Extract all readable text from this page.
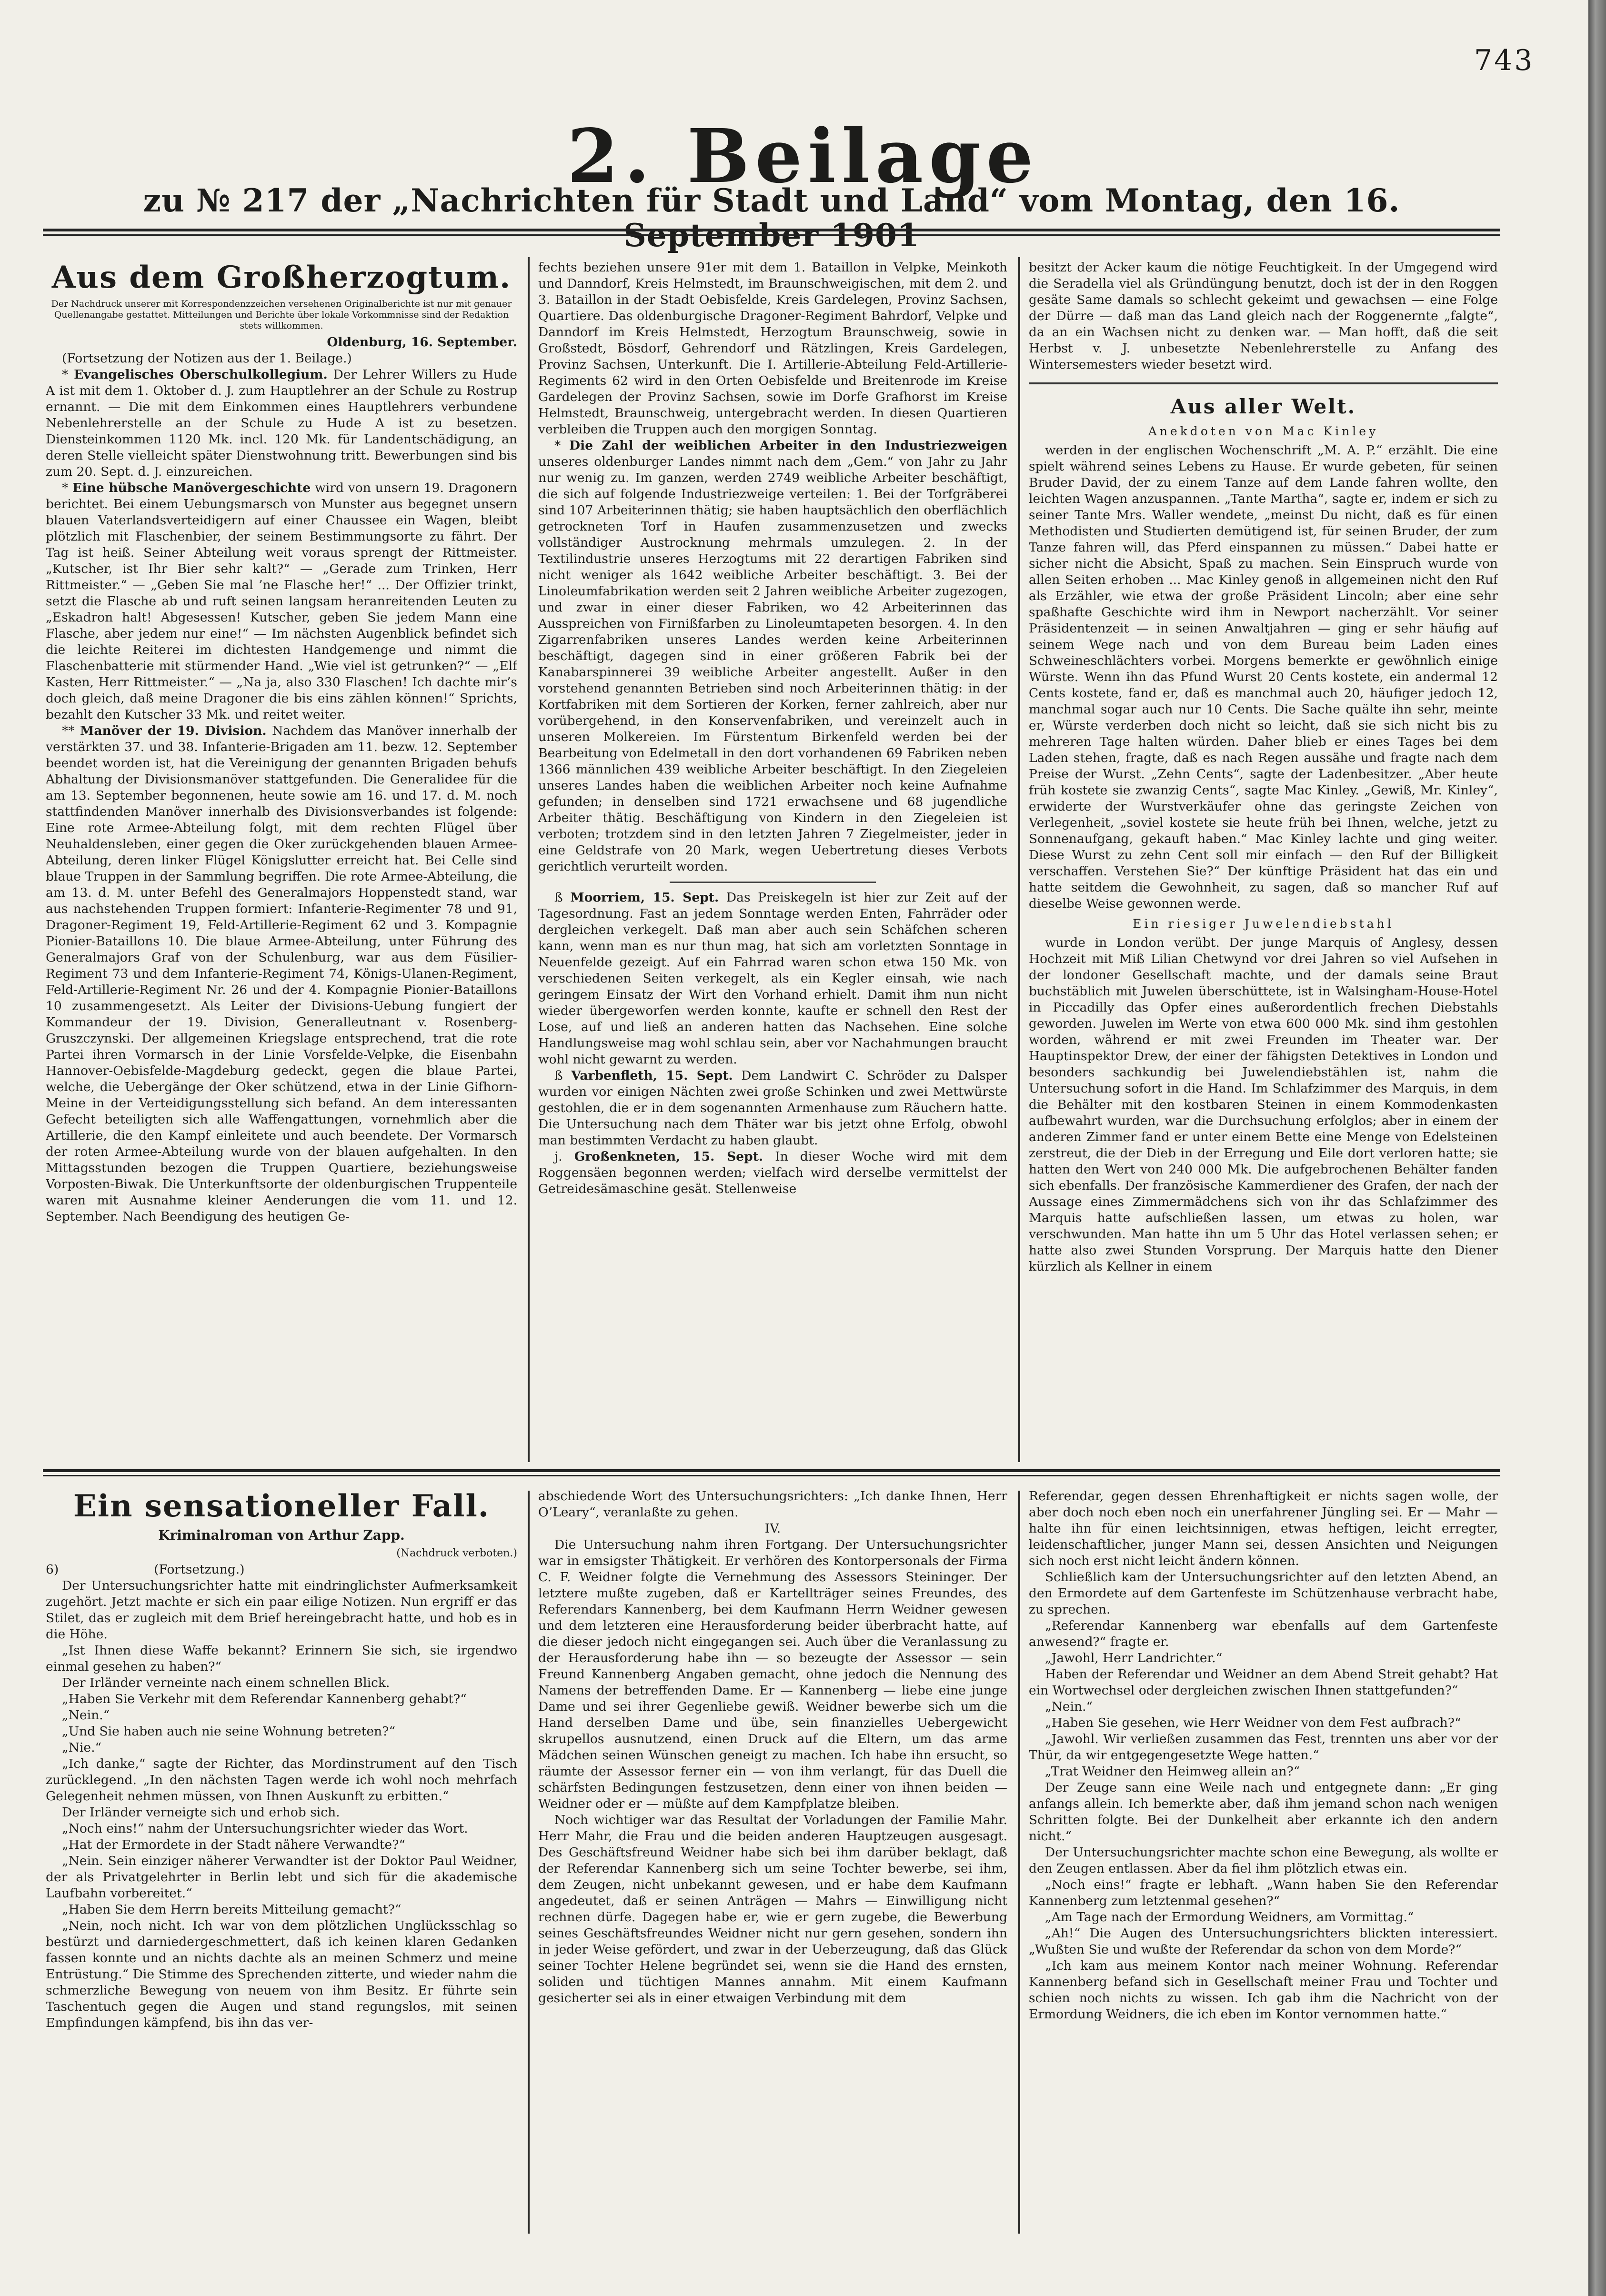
743
2. Beilage
zu № 217 der „Nachrichten für Stadt und Land“ vom Montag, den 16.
Aus dem Großherzogtum.
Der Nachdruck unserer mit Korrespondenzzeichen versehenen Originalberichte ist nur mit genauer Quellenangabe gestattet. Mitteilungen und Berichte über lokale Vorkommnisse sind der Redaktion stets willkommen.

Oldenburg, 16. September.

(Fortsetzung der Notizen aus der 1. Beilage.)

* Evangelisches Oberschulkollegium. Der Lehrer Willers zu Hude A ist mit dem 1. Oktober d. J. zum Hauptlehrer an der Schule zu Rostrup ernannt. — Die mit dem Einkommen eines Hauptlehrers verbundene Nebenlehrerstelle an der Schule zu Hude A ist zu besetzen. Diensteinkommen 1120 Mk. incl. 120 Mk. für Landentschädigung, an deren Stelle vielleicht später Dienstwohnung tritt. Bewerbungen sind bis zum 20. Sept. d. J. einzureichen.

* Eine hübsche Manövergeschichte wird von unsern 19. Dragonern berichtet. Bei einem Uebungsmarsch von Munster aus begegnet unsern blauen Vaterlandsverteidigern auf einer Chaussee ein Wagen, bleibt plötzlich mit Flaschenbier, der seinem Bestimmungsorte zu fährt. Der Tag ist heiß. Seiner Abteilung weit voraus sprengt der Rittmeister. „Kutscher, ist Ihr Bier sehr kalt?“ — „Gerade zum Trinken, Herr Rittmeister.“ — „Geben Sie mal ’ne Flasche her!“ ... Der Offizier trinkt, setzt die Flasche ab und ruft seinen langsam heranreitenden Leuten zu „Eskadron halt! Abgesessen! Kutscher, geben Sie jedem Mann eine Flasche, aber jedem nur eine!“ — Im nächsten Augenblick befindet sich die leichte Reiterei im dichtesten Handgemenge und nimmt die Flaschenbatterie mit stürmender Hand. „Wie viel ist getrunken?“ — „Elf Kasten, Herr Rittmeister.“ — „Na ja, also 330 Flaschen! Ich dachte mir’s doch gleich, daß meine Dragoner die bis eins zählen können!“ Sprichts, bezahlt den Kutscher 33 Mk. und reitet weiter.

** Manöver der 19. Division. Nachdem das Manöver innerhalb der verstärkten 37. und 38. Infanterie-Brigaden am 11. bezw. 12. September beendet worden ist, hat die Vereinigung der genannten Brigaden behufs Abhaltung der Divisionsmanöver stattgefunden. Die Generalidee für die am 13. September begonnenen, heute sowie am 16. und 17. d. M. noch stattfindenden Manöver innerhalb des Divisionsverbandes ist folgende: Eine rote Armee-Abteilung folgt, mit dem rechten Flügel über Neuhaldensleben, einer gegen die Oker zurückgehenden blauen Armee-Abteilung, deren linker Flügel Königslutter erreicht hat. Bei Celle sind blaue Truppen in der Sammlung begriffen. Die rote Armee-Abteilung, die am 13. d. M. unter Befehl des Generalmajors Hoppenstedt stand, war aus nachstehenden Truppen formiert: Infanterie-Regimenter 78 und 91, Dragoner-Regiment 19, Feld-Artillerie-Regiment 62 und 3. Kompagnie Pionier-Bataillons 10. Die blaue Armee-Abteilung, unter Führung des Generalmajors Graf von der Schulenburg, war aus dem Füsilier-Regiment 73 und dem Infanterie-Regiment 74, Königs-Ulanen-Regiment, Feld-Artillerie-Regiment Nr. 26 und der 4. Kompagnie Pionier-Bataillons 10 zusammengesetzt. Als Leiter der Divisions-Uebung fungiert der Kommandeur der 19. Division, Generalleutnant v. Rosenberg-Gruszczynski. Der allgemeinen Kriegslage entsprechend, trat die rote Partei ihren Vormarsch in der Linie Vorsfelde-Velpke, die Eisenbahn Hannover-Oebisfelde-Magdeburg gedeckt, gegen die blaue Partei, welche, die Uebergänge der Oker schützend, etwa in der Linie Gifhorn-Meine in der Verteidigungsstellung sich befand. An dem interessanten Gefecht beteiligten sich alle Waffengattungen, vornehmlich aber die Artillerie, die den Kampf einleitete und auch beendete. Der Vormarsch der roten Armee-Abteilung wurde von der blauen aufgehalten. In den Mittagsstunden bezogen die Truppen Quartiere, beziehungsweise Vorposten-Biwak. Die Unterkunftsorte der oldenburgischen Truppenteile waren mit Ausnahme kleiner Aenderungen die vom 11. und 12. September. Nach Beendigung des heutigen Ge-

fechts beziehen unsere 91er mit dem 1. Bataillon in Velpke, Meinkoth und Danndorf, Kreis Helmstedt, im Braunschweigischen, mit dem 2. und 3. Bataillon in der Stadt Oebisfelde, Kreis Gardelegen, Provinz Sachsen, Quartiere. Das oldenburgische Dragoner-Regiment Bahrdorf, Velpke und Danndorf im Kreis Helmstedt, Herzogtum Braunschweig, sowie in Großstedt, Bösdorf, Gehrendorf und Rätzlingen, Kreis Gardelegen, Provinz Sachsen, Unterkunft. Die I. Artillerie-Abteilung Feld-Artillerie-Regiments 62 wird in den Orten Oebisfelde und Breitenrode im Kreise Gardelegen der Provinz Sachsen, sowie im Dorfe Grafhorst im Kreise Helmstedt, Braunschweig, untergebracht werden. In diesen Quartieren verbleiben die Truppen auch den morgigen Sonntag.

* Die Zahl der weiblichen Arbeiter in den Industriezweigen unseres oldenburger Landes nimmt nach dem „Gem.“ von Jahr zu Jahr nur wenig zu. Im ganzen, werden 2749 weibliche Arbeiter beschäftigt, die sich auf folgende Industriezweige verteilen: 1. Bei der Torfgräberei sind 107 Arbeiterinnen thätig; sie haben hauptsächlich den oberflächlich getrockneten Torf in Haufen zusammenzusetzen und zwecks vollständiger Austrocknung mehrmals umzulegen. 2. In der Textilindustrie unseres Herzogtums mit 22 derartigen Fabriken sind nicht weniger als 1642 weibliche Arbeiter beschäftigt. 3. Bei der Linoleumfabrikation werden seit 2 Jahren weibliche Arbeiter zugezogen, und zwar in einer dieser Fabriken, wo 42 Arbeiterinnen das Ausspreichen von Firnißfarben zu Linoleumtapeten besorgen. 4. In den Zigarrenfabriken unseres Landes werden keine Arbeiterinnen beschäftigt, dagegen sind in einer größeren Fabrik bei der Kanabarspinnerei 39 weibliche Arbeiter angestellt. Außer in den vorstehend genannten Betrieben sind noch Arbeiterinnen thätig: in der Kortfabriken mit dem Sortieren der Korken, ferner zahlreich, aber nur vorübergehend, in den Konservenfabriken, und vereinzelt auch in unseren Molkereien. Im Fürstentum Birkenfeld werden bei der Bearbeitung von Edelmetall in den dort vorhandenen 69 Fabriken neben 1366 männlichen 439 weibliche Arbeiter beschäftigt. In den Ziegeleien unseres Landes haben die weiblichen Arbeiter noch keine Aufnahme gefunden; in denselben sind 1721 erwachsene und 68 jugendliche Arbeiter thätig. Beschäftigung von Kindern in den Ziegeleien ist verboten; trotzdem sind in den letzten Jahren 7 Ziegelmeister, jeder in eine Geldstrafe von 20 Mark, wegen Uebertretung dieses Verbots gerichtlich verurteilt worden.

ß Moorriem, 15. Sept. Das Preiskegeln ist hier zur Zeit auf der Tagesordnung. Fast an jedem Sonntage werden Enten, Fahrräder oder dergleichen verkegelt. Daß man aber auch sein Schäfchen scheren kann, wenn man es nur thun mag, hat sich am vorletzten Sonntage in Neuenfelde gezeigt. Auf ein Fahrrad waren schon etwa 150 Mk. von verschiedenen Seiten verkegelt, als ein Kegler einsah, wie nach geringem Einsatz der Wirt den Vorhand erhielt. Damit ihm nun nicht wieder übergeworfen werden konnte, kaufte er schnell den Rest der Lose, auf und ließ an anderen hatten das Nachsehen. Eine solche Handlungsweise mag wohl schlau sein, aber vor Nachahmungen braucht wohl nicht gewarnt zu werden.

ß Varbenfleth, 15. Sept. Dem Landwirt C. Schröder zu Dalsper wurden vor einigen Nächten zwei große Schinken und zwei Mettwürste gestohlen, die er in dem sogenannten Armenhause zum Räuchern hatte. Die Untersuchung nach dem Thäter war bis jetzt ohne Erfolg, obwohl man bestimmten Verdacht zu haben glaubt.

j. Großenkneten, 15. Sept. In dieser Woche wird mit dem Roggensäen begonnen werden; vielfach wird derselbe vermittelst der Getreidesämaschine gesät. Stellenweise

besitzt der Acker kaum die nötige Feuchtigkeit. In der Umgegend wird die Seradella viel als Gründüngung benutzt, doch ist der in den Roggen gesäte Same damals so schlecht gekeimt und gewachsen — eine Folge der Dürre — daß man das Land gleich nach der Roggenernte „falgte“, da an ein Wachsen nicht zu denken war. — Man hofft, daß die seit Herbst v. J. unbesetzte Nebenlehrerstelle zu Anfang des Wintersemesters wieder besetzt wird.

Aus aller Welt.
Anekdoten von Mac Kinley

werden in der englischen Wochenschrift „M. A. P.“ erzählt. Die eine spielt während seines Lebens zu Hause. Er wurde gebeten, für seinen Bruder David, der zu einem Tanze auf dem Lande fahren wollte, den leichten Wagen anzuspannen. „Tante Martha“, sagte er, indem er sich zu seiner Tante Mrs. Waller wendete, „meinst Du nicht, daß es für einen Methodisten und Studierten demütigend ist, für seinen Bruder, der zum Tanze fahren will, das Pferd einspannen zu müssen.“ Dabei hatte er sicher nicht die Absicht, Spaß zu machen. Sein Einspruch wurde von allen Seiten erhoben ... Mac Kinley genoß in allgemeinen nicht den Ruf als Erzähler, wie etwa der große Präsident Lincoln; aber eine sehr spaßhafte Geschichte wird ihm in Newport nacherzählt. Vor seiner Präsidentenzeit — in seinen Anwaltjahren — ging er sehr häufig auf seinem Wege nach und von dem Bureau beim Laden eines Schweineschlächters vorbei. Morgens bemerkte er gewöhnlich einige Würste. Wenn ihn das Pfund Wurst 20 Cents kostete, ein andermal 12 Cents kostete, fand er, daß es manchmal auch 20, häufiger jedoch 12, manchmal sogar auch nur 10 Cents. Die Sache quälte ihn sehr, meinte er, Würste verderben doch nicht so leicht, daß sie sich nicht bis zu mehreren Tage halten würden. Daher blieb er eines Tages bei dem Laden stehen, fragte, daß es nach Regen aussähe und fragte nach dem Preise der Wurst. „Zehn Cents“, sagte der Ladenbesitzer. „Aber heute früh kostete sie zwanzig Cents“, sagte Mac Kinley. „Gewiß, Mr. Kinley“, erwiderte der Wurstverkäufer ohne das geringste Zeichen von Verlegenheit, „soviel kostete sie heute früh bei Ihnen, welche, jetzt zu Sonnenaufgang, gekauft haben.“ Mac Kinley lachte und ging weiter. Diese Wurst zu zehn Cent soll mir einfach — den Ruf der Billigkeit verschaffen. Verstehen Sie?“ Der künftige Präsident hat das ein und hatte seitdem die Gewohnheit, zu sagen, daß so mancher Ruf auf dieselbe Weise gewonnen werde.

Ein riesiger Juwelendiebstahl

wurde in London verübt. Der junge Marquis of Anglesy, dessen Hochzeit mit Miß Lilian Chetwynd vor drei Jahren so viel Aufsehen in der londoner Gesellschaft machte, und der damals seine Braut buchstäblich mit Juwelen überschüttete, ist in Walsingham-House-Hotel in Piccadilly das Opfer eines außerordentlich frechen Diebstahls geworden. Juwelen im Werte von etwa 600 000 Mk. sind ihm gestohlen worden, während er mit zwei Freunden im Theater war. Der Hauptinspektor Drew, der einer der fähigsten Detektives in London und besonders sachkundig bei Juwelendiebstählen ist, nahm die Untersuchung sofort in die Hand. Im Schlafzimmer des Marquis, in dem die Behälter mit den kostbaren Steinen in einem Kommodenkasten aufbewahrt wurden, war die Durchsuchung erfolglos; aber in einem der anderen Zimmer fand er unter einem Bette eine Menge von Edelsteinen zerstreut, die der Dieb in der Erregung und Eile dort verloren hatte; sie hatten den Wert von 240 000 Mk. Die aufgebrochenen Behälter fanden sich ebenfalls. Der französische Kammerdiener des Grafen, der nach der Aussage eines Zimmermädchens sich von ihr das Schlafzimmer des Marquis hatte aufschließen lassen, um etwas zu holen, war verschwunden. Man hatte ihn um 5 Uhr das Hotel verlassen sehen; er hatte also zwei Stunden Vorsprung. Der Marquis hatte den Diener kürzlich als Kellner in einem

Ein sensationeller Fall.
Kriminalroman von Arthur Zapp.

(Nachdruck verboten.)

6)	(Fortsetzung.)

Der Untersuchungsrichter hatte mit eindringlichster Aufmerksamkeit zugehört. Jetzt machte er sich ein paar eilige Notizen. Nun ergriff er das Stilet, das er zugleich mit dem Brief hereingebracht hatte, und hob es in die Höhe.

„Ist Ihnen diese Waffe bekannt? Erinnern Sie sich, sie irgendwo einmal gesehen zu haben?“

Der Irländer verneinte nach einem schnellen Blick.

„Haben Sie Verkehr mit dem Referendar Kannenberg gehabt?“

„Nein.“

„Und Sie haben auch nie seine Wohnung betreten?“

„Nie.“

„Ich danke,“ sagte der Richter, das Mordinstrument auf den Tisch zurücklegend. „In den nächsten Tagen werde ich wohl noch mehrfach Gelegenheit nehmen müssen, von Ihnen Auskunft zu erbitten.“

Der Irländer verneigte sich und erhob sich.

„Noch eins!“ nahm der Untersuchungsrichter wieder das Wort.

„Hat der Ermordete in der Stadt nähere Verwandte?“

„Nein. Sein einziger näherer Verwandter ist der Doktor Paul Weidner, der als Privatgelehrter in Berlin lebt und sich für die akademische Laufbahn vorbereitet.“

„Haben Sie dem Herrn bereits Mitteilung gemacht?“

„Nein, noch nicht. Ich war von dem plötzlichen Unglücksschlag so bestürzt und darniedergeschmettert, daß ich keinen klaren Gedanken fassen konnte und an nichts dachte als an meinen Schmerz und meine Entrüstung.“ Die Stimme des Sprechenden zitterte, und wieder nahm die schmerzliche Bewegung von neuem von ihm Besitz. Er führte sein Taschentuch gegen die Augen und stand regungslos, mit seinen Empfindungen kämpfend, bis ihn das ver-

abschiedende Wort des Untersuchungsrichters: „Ich danke Ihnen, Herr O’Leary“, veranlaßte zu gehen.

IV.

Die Untersuchung nahm ihren Fortgang. Der Untersuchungsrichter war in emsigster Thätigkeit. Er verhören des Kontorpersonals der Firma C. F. Weidner folgte die Vernehmung des Assessors Steininger. Der letztere mußte zugeben, daß er Kartellträger seines Freundes, des Referendars Kannenberg, bei dem Kaufmann Herrn Weidner gewesen und dem letzteren eine Herausforderung beider überbracht hatte, auf die dieser jedoch nicht eingegangen sei. Auch über die Veranlassung zu der Herausforderung habe ihn — so bezeugte der Assessor — sein Freund Kannenberg Angaben gemacht, ohne jedoch die Nennung des Namens der betreffenden Dame. Er — Kannenberg — liebe eine junge Dame und sei ihrer Gegenliebe gewiß. Weidner bewerbe sich um die Hand derselben Dame und übe, sein finanzielles Uebergewicht skrupellos ausnutzend, einen Druck auf die Eltern, um das arme Mädchen seinen Wünschen geneigt zu machen. Ich habe ihn ersucht, so räumte der Assessor ferner ein — von ihm verlangt, für das Duell die schärfsten Bedingungen festzusetzen, denn einer von ihnen beiden — Weidner oder er — müßte auf dem Kampfplatze bleiben.

Noch wichtiger war das Resultat der Vorladungen der Familie Mahr. Herr Mahr, die Frau und die beiden anderen Hauptzeugen ausgesagt. Des Geschäftsfreund Weidner habe sich bei ihm darüber beklagt, daß der Referendar Kannenberg sich um seine Tochter bewerbe, sei ihm, dem Zeugen, nicht unbekannt gewesen, und er habe dem Kaufmann angedeutet, daß er seinen Anträgen — Mahrs — Einwilligung nicht rechnen dürfe. Dagegen habe er, wie er gern zugebe, die Bewerbung seines Geschäftsfreundes Weidner nicht nur gern gesehen, sondern ihn in jeder Weise gefördert, und zwar in der Ueberzeugung, daß das Glück seiner Tochter Helene begründet sei, wenn sie die Hand des ernsten, soliden und tüchtigen Mannes annahm. Mit einem Kaufmann gesicherter sei als in einer etwaigen Verbindung mit dem

Referendar, gegen dessen Ehrenhaftigkeit er nichts sagen wolle, der aber doch noch eben noch ein unerfahrener Jüngling sei. Er — Mahr — halte ihn für einen leichtsinnigen, etwas heftigen, leicht erregter, leidenschaftlicher, junger Mann sei, dessen Ansichten und Neigungen sich noch erst nicht leicht ändern können.

Schließlich kam der Untersuchungsrichter auf den letzten Abend, an den Ermordete auf dem Gartenfeste im Schützenhause verbracht habe, zu sprechen.

„Referendar Kannenberg war ebenfalls auf dem Gartenfeste anwesend?“ fragte er.

„Jawohl, Herr Landrichter.“

Haben der Referendar und Weidner an dem Abend Streit gehabt? Hat ein Wortwechsel oder dergleichen zwischen Ihnen stattgefunden?“

„Nein.“

„Haben Sie gesehen, wie Herr Weidner von dem Fest aufbrach?“

„Jawohl. Wir verließen zusammen das Fest, trennten uns aber vor der Thür, da wir entgegengesetzte Wege hatten.“

„Trat Weidner den Heimweg allein an?“

Der Zeuge sann eine Weile nach und entgegnete dann: „Er ging anfangs allein. Ich bemerkte aber, daß ihm jemand schon nach wenigen Schritten folgte. Bei der Dunkelheit aber erkannte ich den andern nicht.“

Der Untersuchungsrichter machte schon eine Bewegung, als wollte er den Zeugen entlassen. Aber da fiel ihm plötzlich etwas ein.

„Noch eins!“ fragte er lebhaft. „Wann haben Sie den Referendar Kannenberg zum letztenmal gesehen?“

„Am Tage nach der Ermordung Weidners, am Vormittag.“

„Ah!“ Die Augen des Untersuchungsrichters blickten interessiert. „Wußten Sie und wußte der Referendar da schon von dem Morde?“

„Ich kam aus meinem Kontor nach meiner Wohnung. Referendar Kannenberg befand sich in Gesellschaft meiner Frau und Tochter und schien noch nichts zu wissen. Ich gab ihm die Nachricht von der Ermordung Weidners, die ich eben im Kontor vernommen hatte.“
